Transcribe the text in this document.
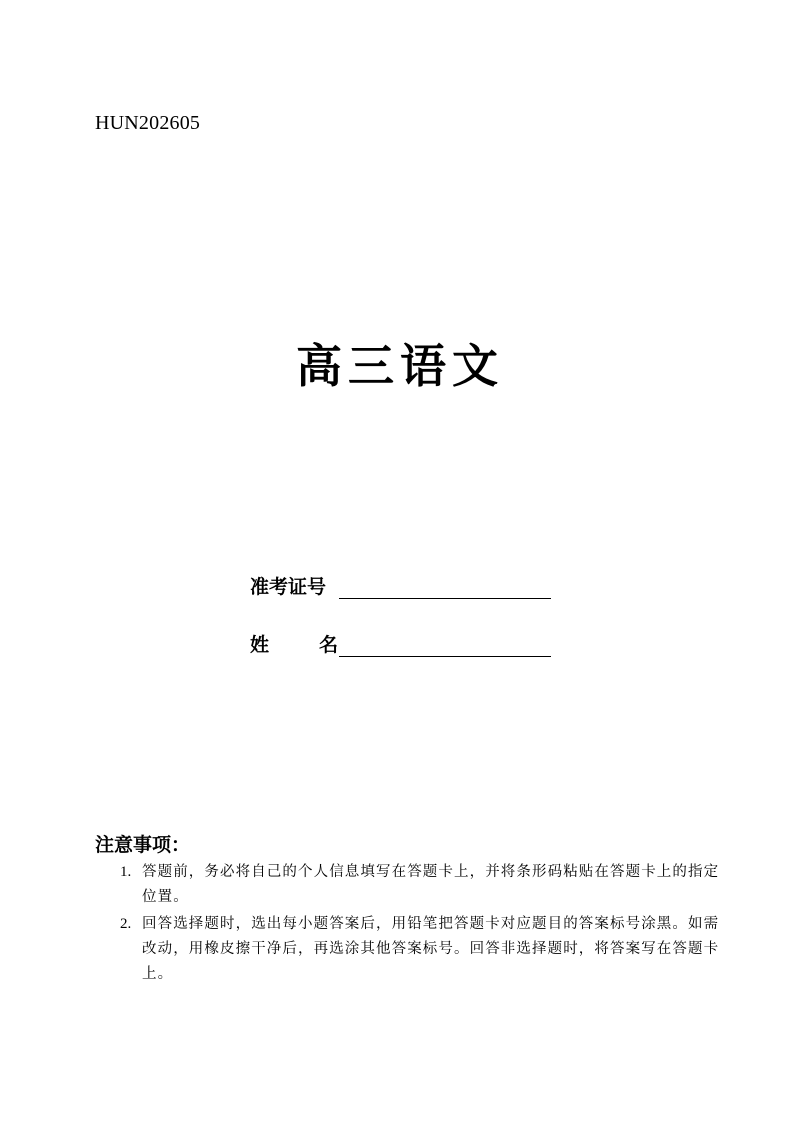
HUN202605
高三语文
准考证号
姓	名
注意事项：
1. 答题前，务必将自己的个人信息填写在答题卡上，并将条形码粘贴在答题卡上的指定位置。
2. 回答选择题时，选出每小题答案后，用铅笔把答题卡对应题目的答案标号涂黑。如需改动，用橡皮擦干净后，再选涂其他答案标号。回答非选择题时，将答案写在答题卡上。
